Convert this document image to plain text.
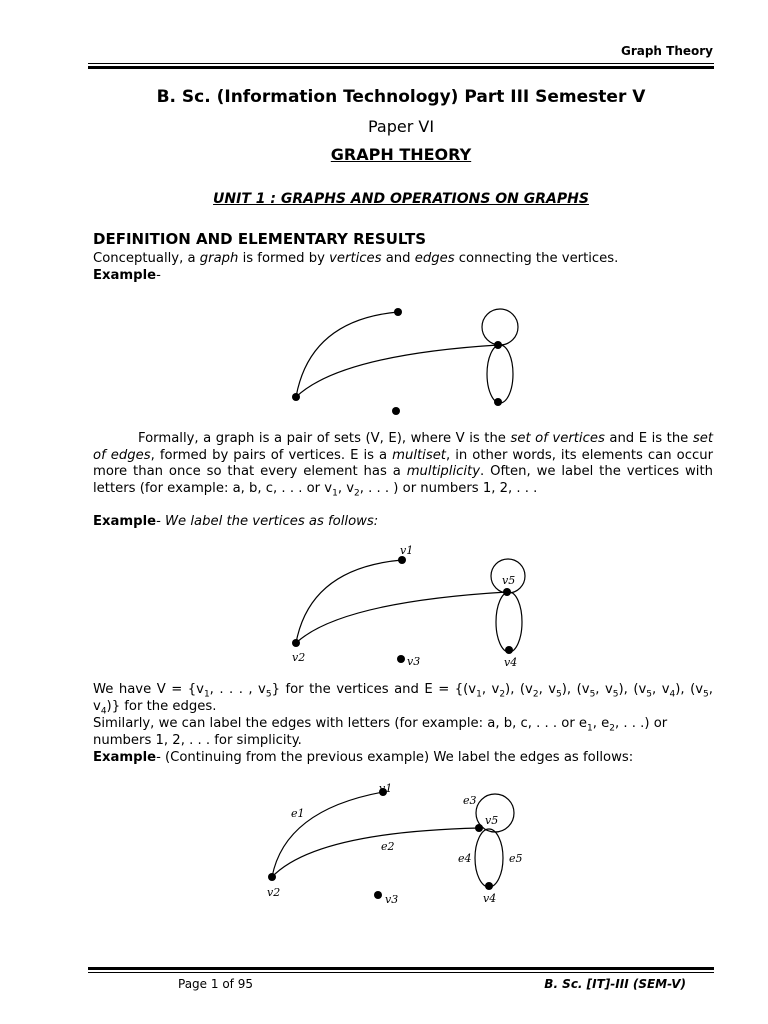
Graph Theory
B. Sc. (Information Technology) Part III Semester V
Paper VI
GRAPH THEORY
UNIT 1 : GRAPHS AND OPERATIONS ON GRAPHS
DEFINITION AND ELEMENTARY RESULTS
Conceptually, a graph is formed by vertices and edges connecting the vertices.
Example-
Formally, a graph is a pair of sets (V, E), where V is the set of vertices and E is the set of edges, formed by pairs of vertices. E is a multiset, in other words, its elements can occur more than once so that every element has a multiplicity. Often, we label the vertices with letters (for example: a, b, c, . . . or $v_1$, $v_2$, . . . ) or numbers 1, 2, . . .
Example- We label the vertices as follows:
v1
v2	v3	v4
v5
We have $V = \{v_1$, . . . , $v_5$} for the vertices and $E = \{(v_1$, $v_2$), ($v_2$, $v_5$), ($v_5$, $v_5$), ($v_5$, $v_4$), ($v_5$, $v_4$)} for the edges.
Similarly, we can label the edges with letters (for example: a, b, c, . . . or $e_1$, $e_2$, . . .) or numbers 1, 2, . . . for simplicity.
Example- (Continuing from the previous example) We label the edges as follows:
v1
v2
v3	v4
v5
e1
e2
e3
e4	e5
Page 1 of 95	B. Sc. [IT]-III (SEM-V)
